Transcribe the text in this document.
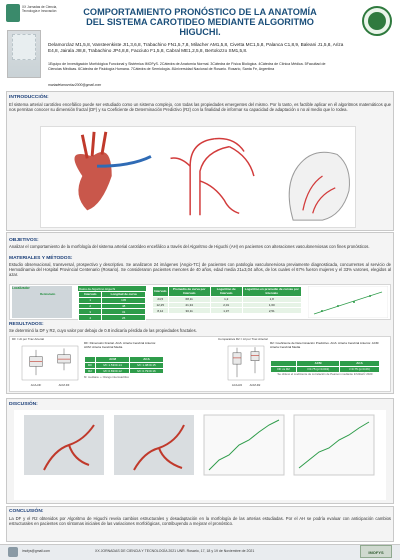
XX Jornadas de Ciencia, Tecnología e Innovación	COMPORTAMIENTO PRONÓSTICO DE LA ANATOMÍA
DEL SISTEMA CAROTIDEO MEDIANTE ALGORITMO HIGUCHI.
Delamorclaz M1,5,8, Vansteenkiste JI1,3,6,8, Trabachino FN1,5,7,8, Milacher AM1,5,8, Civetta MC1,5,8, Palanca C1,8,9, Baleani J1,5,8, Ariza E4,8, Jairala JI8,8, Trabachino JP4,8,8, Facciuto F1,5,8, Cabral ME1,2,5,8, Bertolozzo SM1,5,8.
1Equipo de Investigación Morfológica Funcional y Sistémica IMOFyS. 2Cátedra de Anatomía Normal. 3Cátedra de Física Biológica. 4Cátedra de Clínica Médica. 5Facultad de Ciencias Médicas. 6Cátedra de Fisiología Humana. 7Cátedra de Semiología. 8Universidad Nacional de Rosario. Rosario, Santa Fe, Argentina
mariadelamorclaz2000@gmail.com
INTRODUCCIÓN:
El sistema arterial carotídeo encefálico puede ser estudiado como un sistema complejo, con todas las propiedades emergentes del mismo. Por lo tanto, es factible aplicar en él algoritmos matemáticos que nos permitan conocer su dimensión fractal (DF) y su Coeficiente de Determinación Predictivo (R2) con la finalidad de informar su capacidad de adaptación o no al medio que lo rodea.
OBJETIVOS:
Analizar el comportamiento de la morfología del sistema arterial carotídeo encefálico a través del Algoritmo de Higuchi (AH) en pacientes con alteraciones vasculonerviosas con fines pronósticos.
MATERIALES Y MÉTODOS:
Estudio observacional, transversal, prospectivo y descriptivo. Se analizaron 24 imágenes (Angio-TC) de pacientes con patología vasculonerviosa previamente diagnosticada, concurrentes al servicio de Hemodinamia del Hospital Provincial Centenario (Rosario). Se consideraron pacientes menores de 40 años, edad media 21±3,04 años, de los cuales el 67% fueron mujeres y el 33% varones, elegidos al azar.
Localizador
Reticulado
Datos de Algoritmo Higuchi
Intervalo	Longitud de curva
1	105
2	48
3	31
4	26
Intervalo	Promedio de curva por Intervalo	Logaritmo de Intervalo	Logaritmo en promedio de curvas por Intervalo
24,5	68,11	1,2	1,8
12,25	41,34	2,01	1,60
8,12	30,11	1,37	2,51
RESULTADOS:
Se determinó la DF y R2, cuyo valor por debajo de 0.8 indicaría pérdida de las propiedades fractales.
DF = Al por Trac Arterial
ACA-DF	ACM-DF
DF: Dimensión Fractal. ACA: Arteria Cerebral Anterior. ACM: Arteria Cerebral Media
	ACM	ACA
DF	M= 1.53±0.14	M= 1.48±0.15
R2	M= 0.83±0.12	M= 0.79±0.16
M: mediana. +: Rango intercuartílico
Comparativa R2 = Al por Trac Arterial
ACA-R2	ACM-R2
R2: Coeficiente de Determinación Predictivo. ACA: Arteria Cerebral Anterior. ACM: Arteria Cerebral Media
	ACM	ACA
DF vs R2	r=0.75 (p=0.001)	r=0.75 (p=0.06)
Se obtuvo el coeficiente de correlación de Pearson mediante InfoStat© 2020
DISCUSIÓN:
CONCLUSIÓN:
La DF y el R2 obtenidos por Algoritmo de Higuchi revela cambios estructurales y desadaptación en la morfología de las arterias estudiadas. Por el AH se podría evaluar con anticipación cambios estructurales en pacientes con síntomas iniciales de las variaciones morfológicas, contribuyendo a mejorar el pronóstico.
imofys@gmail.com	XX JORNADAS DE CIENCIA Y TECNOLOGÍA 2021 UNR. Rosario, 17, 18 y 19 de Noviembre de 2021	IMOFYS
